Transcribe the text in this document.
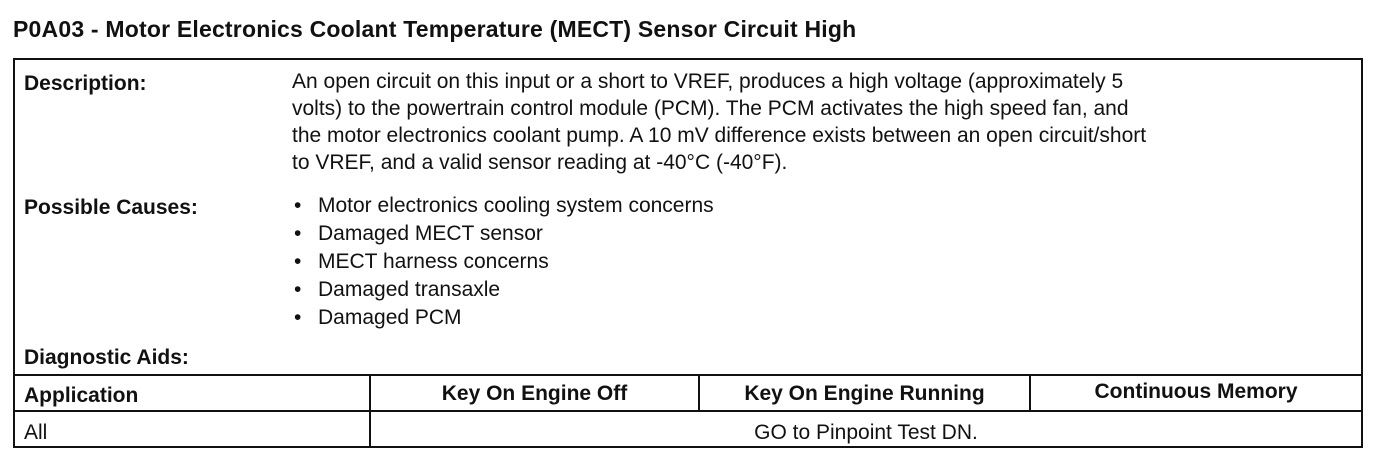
P0A03 - Motor Electronics Coolant Temperature (MECT) Sensor Circuit High
Description:	An open circuit on this input or a short to VREF, produces a high voltage (approximately 5
volts) to the powertrain control module (PCM). The PCM activates the high speed fan, and
the motor electronics coolant pump. A 10 mV difference exists between an open circuit/short
to VREF, and a valid sensor reading at -40°C (-40°F).
Possible Causes:
•	Motor electronics cooling system concerns
• Damaged MECT sensor
• MECT harness concerns
• Damaged transaxle
• Damaged PCM
Diagnostic Aids:
Application	Key On Engine Off	Key On Engine Running	Continuous Memory
All	GO to Pinpoint Test DN.
